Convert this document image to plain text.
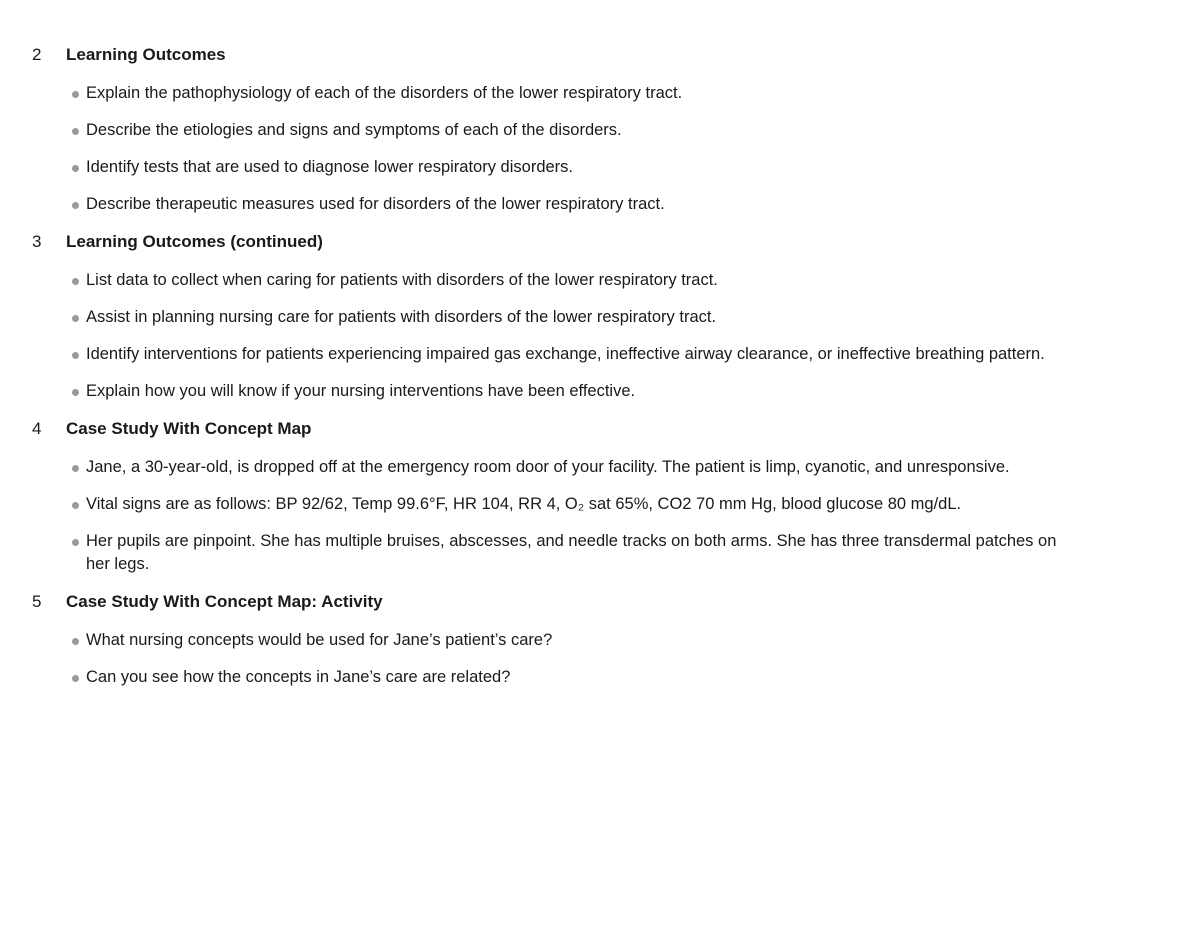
2	Learning Outcomes
Explain the pathophysiology of each of the disorders of the lower respiratory tract.
Describe the etiologies and signs and symptoms of each of the disorders.
Identify tests that are used to diagnose lower respiratory disorders.
Describe therapeutic measures used for disorders of the lower respiratory tract.
3	Learning Outcomes (continued)
List data to collect when caring for patients with disorders of the lower respiratory tract.
Assist in planning nursing care for patients with disorders of the lower respiratory tract.
Identify interventions for patients experiencing impaired gas exchange, ineffective airway clearance, or ineffective breathing pattern.
Explain how you will know if your nursing interventions have been effective.
4	Case Study With Concept Map
Jane, a 30-year-old, is dropped off at the emergency room door of your facility. The patient is limp, cyanotic, and unresponsive.
Vital signs are as follows: BP 92/62, Temp 99.6°F, HR 104, RR 4, O₂ sat 65%, CO2 70 mm Hg, blood glucose 80 mg/dL.
Her pupils are pinpoint. She has multiple bruises, abscesses, and needle tracks on both arms. She has three transdermal patches on        her legs.
5	Case Study With Concept Map: Activity
What nursing concepts would be used for Jane’s patient’s care?
Can you see how the concepts in Jane’s care are related?
